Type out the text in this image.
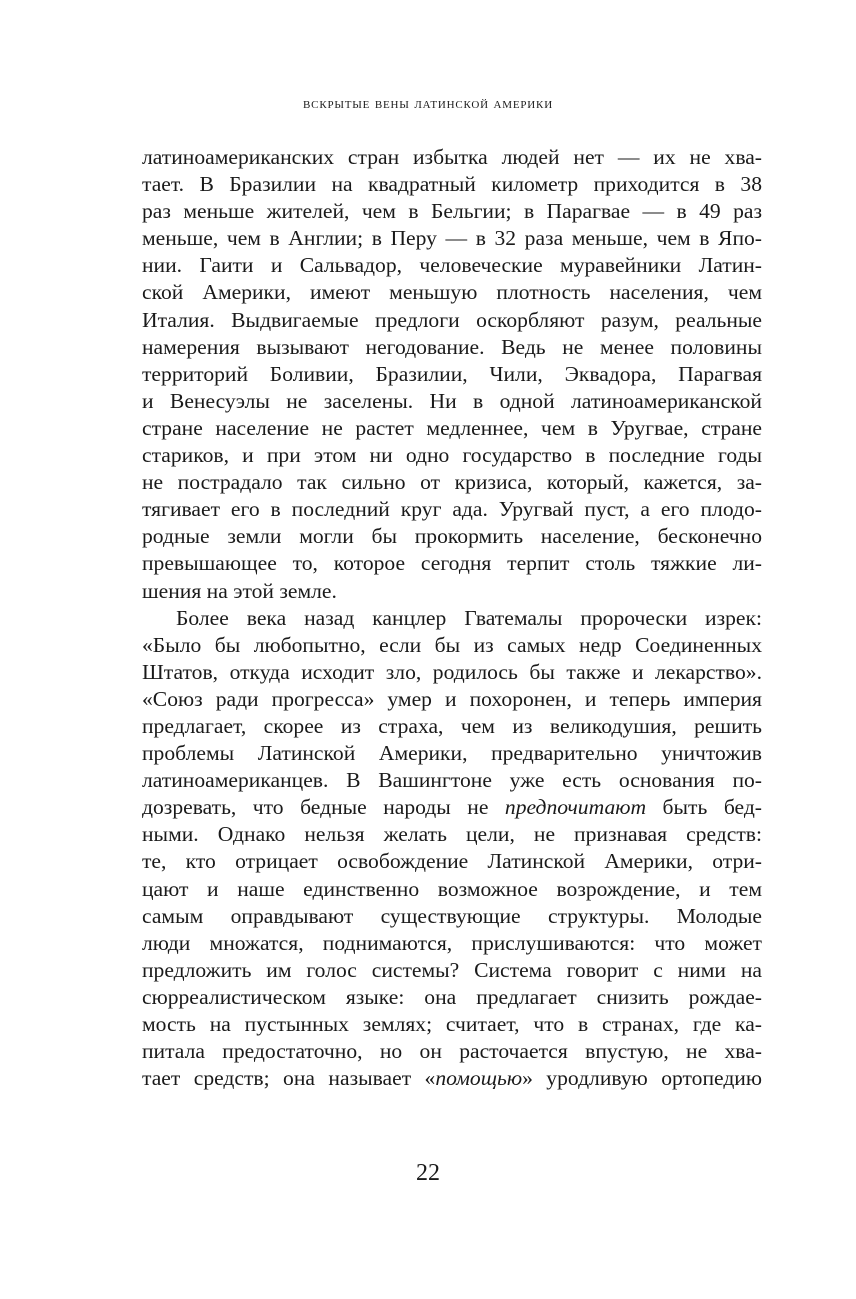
вскрытые вены латинской америки

латиноамериканских стран избытка людей нет — их не хва-
тает. В Бразилии на квадратный километр приходится в 38
раз меньше жителей, чем в Бельгии; в Парагвае — в 49 раз
меньше, чем в Англии; в Перу — в 32 раза меньше, чем в Япо-
нии. Гаити и Сальвадор, человеческие муравейники Латин-
ской Америки, имеют меньшую плотность населения, чем
Италия. Выдвигаемые предлоги оскорбляют разум, реальные
намерения вызывают негодование. Ведь не менее половины
территорий Боливии, Бразилии, Чили, Эквадора, Парагвая
и Венесуэлы не заселены. Ни в одной латиноамериканской
стране население не растет медленнее, чем в Уругвае, стране
стариков, и при этом ни одно государство в последние годы
не пострадало так сильно от кризиса, который, кажется, за-
тягивает его в последний круг ада. Уругвай пуст, а его плодо-
родные земли могли бы прокормить население, бесконечно
превышающее то, которое сегодня терпит столь тяжкие ли-
шения на этой земле.

Более века назад канцлер Гватемалы пророчески изрек:
«Было бы любопытно, если бы из самых недр Соединенных
Штатов, откуда исходит зло, родилось бы также и лекарство».
«Союз ради прогресса» умер и похоронен, и теперь империя
предлагает, скорее из страха, чем из великодушия, решить
проблемы Латинской Америки, предварительно уничтожив
латиноамериканцев. В Вашингтоне уже есть основания по-
дозревать, что бедные народы не предпочитают быть бед-
ными. Однако нельзя желать цели, не признавая средств:
те, кто отрицает освобождение Латинской Америки, отри-
цают и наше единственно возможное возрождение, и тем
самым оправдывают существующие структуры. Молодые
люди множатся, поднимаются, прислушиваются: что может
предложить им голос системы? Система говорит с ними на
сюрреалистическом языке: она предлагает снизить рождае-
мость на пустынных землях; считает, что в странах, где ка-
питала предостаточно, но он расточается впустую, не хва-
тает средств; она называет «помощью» уродливую ортопедию

22
